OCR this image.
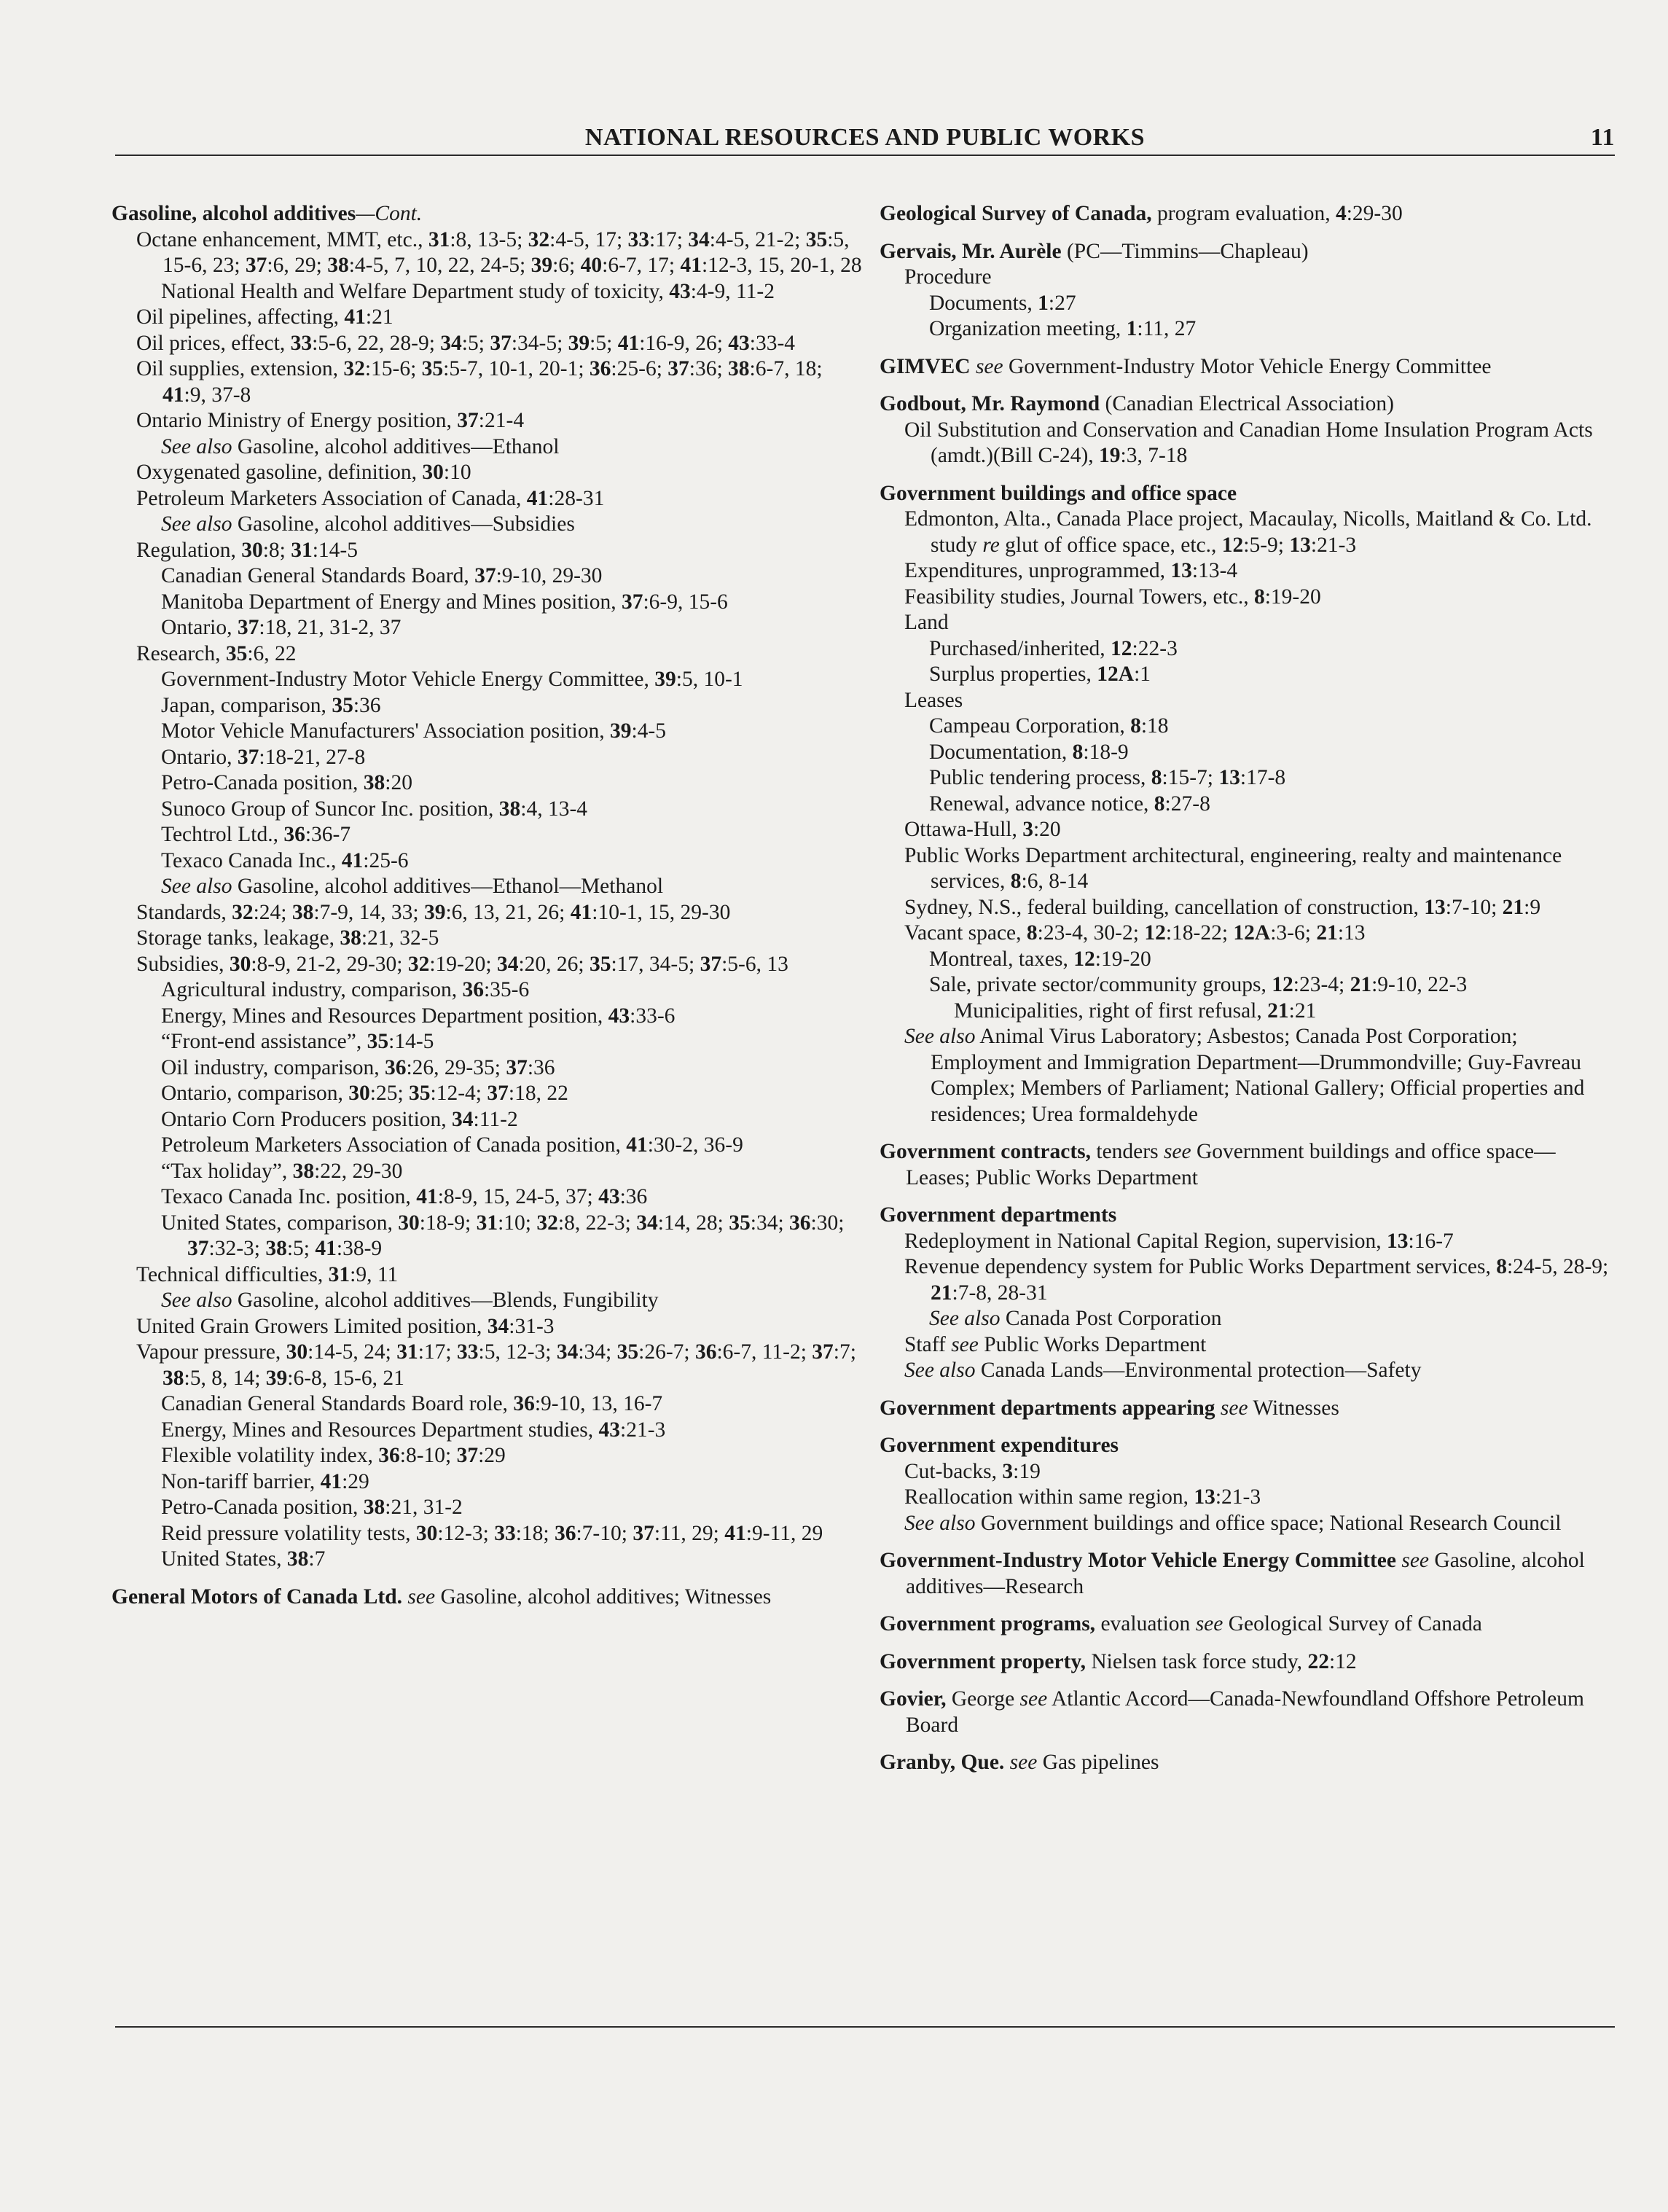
NATIONAL RESOURCES AND PUBLIC WORKS	11
Gasoline, alcohol additives—Cont.
Octane enhancement, MMT, etc., 31:8, 13-5; 32:4-5, 17; 33:17; 34:4-5, 21-2; 35:5, 15-6, 23; 37:6, 29; 38:4-5, 7, 10, 22, 24-5; 39:6; 40:6-7, 17; 41:12-3, 15, 20-1, 28
National Health and Welfare Department study of toxicity, 43:4-9, 11-2
Oil pipelines, affecting, 41:21
Oil prices, effect, 33:5-6, 22, 28-9; 34:5; 37:34-5; 39:5; 41:16-9, 26; 43:33-4
Oil supplies, extension, 32:15-6; 35:5-7, 10-1, 20-1; 36:25-6; 37:36; 38:6-7, 18; 41:9, 37-8
Ontario Ministry of Energy position, 37:21-4
See also Gasoline, alcohol additives—Ethanol
Oxygenated gasoline, definition, 30:10
Petroleum Marketers Association of Canada, 41:28-31
See also Gasoline, alcohol additives—Subsidies
Regulation, 30:8; 31:14-5
Canadian General Standards Board, 37:9-10, 29-30
Manitoba Department of Energy and Mines position, 37:6-9, 15-6
Ontario, 37:18, 21, 31-2, 37
Research, 35:6, 22
Government-Industry Motor Vehicle Energy Committee, 39:5, 10-1
Japan, comparison, 35:36
Motor Vehicle Manufacturers' Association position, 39:4-5
Ontario, 37:18-21, 27-8
Petro-Canada position, 38:20
Sunoco Group of Suncor Inc. position, 38:4, 13-4
Techtrol Ltd., 36:36-7
Texaco Canada Inc., 41:25-6
See also Gasoline, alcohol additives—Ethanol—Methanol
Standards, 32:24; 38:7-9, 14, 33; 39:6, 13, 21, 26; 41:10-1, 15, 29-30
Storage tanks, leakage, 38:21, 32-5
Subsidies, 30:8-9, 21-2, 29-30; 32:19-20; 34:20, 26; 35:17, 34-5; 37:5-6, 13
Agricultural industry, comparison, 36:35-6
Energy, Mines and Resources Department position, 43:33-6
“Front-end assistance”, 35:14-5
Oil industry, comparison, 36:26, 29-35; 37:36
Ontario, comparison, 30:25; 35:12-4; 37:18, 22
Ontario Corn Producers position, 34:11-2
Petroleum Marketers Association of Canada position, 41:30-2, 36-9
“Tax holiday”, 38:22, 29-30
Texaco Canada Inc. position, 41:8-9, 15, 24-5, 37; 43:36
United States, comparison, 30:18-9; 31:10; 32:8, 22-3; 34:14, 28; 35:34; 36:30; 37:32-3; 38:5; 41:38-9
Technical difficulties, 31:9, 11
See also Gasoline, alcohol additives—Blends, Fungibility
United Grain Growers Limited position, 34:31-3
Vapour pressure, 30:14-5, 24; 31:17; 33:5, 12-3; 34:34; 35:26-7; 36:6-7, 11-2; 37:7; 38:5, 8, 14; 39:6-8, 15-6, 21
Canadian General Standards Board role, 36:9-10, 13, 16-7
Energy, Mines and Resources Department studies, 43:21-3
Flexible volatility index, 36:8-10; 37:29
Non-tariff barrier, 41:29
Petro-Canada position, 38:21, 31-2
Reid pressure volatility tests, 30:12-3; 33:18; 36:7-10; 37:11, 29; 41:9-11, 29
United States, 38:7
General Motors of Canada Ltd. see Gasoline, alcohol additives; Witnesses
Geological Survey of Canada, program evaluation, 4:29-30
Gervais, Mr. Aurèle (PC—Timmins—Chapleau)
Procedure
Documents, 1:27
Organization meeting, 1:11, 27
GIMVEC see Government-Industry Motor Vehicle Energy Committee
Godbout, Mr. Raymond (Canadian Electrical Association)
Oil Substitution and Conservation and Canadian Home Insulation Program Acts (amdt.)(Bill C-24), 19:3, 7-18
Government buildings and office space
Edmonton, Alta., Canada Place project, Macaulay, Nicolls, Maitland & Co. Ltd. study re glut of office space, etc., 12:5-9; 13:21-3
Expenditures, unprogrammed, 13:13-4
Feasibility studies, Journal Towers, etc., 8:19-20
Land
Purchased/inherited, 12:22-3
Surplus properties, 12A:1
Leases
Campeau Corporation, 8:18
Documentation, 8:18-9
Public tendering process, 8:15-7; 13:17-8
Renewal, advance notice, 8:27-8
Ottawa-Hull, 3:20
Public Works Department architectural, engineering, realty and maintenance services, 8:6, 8-14
Sydney, N.S., federal building, cancellation of construction, 13:7-10; 21:9
Vacant space, 8:23-4, 30-2; 12:18-22; 12A:3-6; 21:13
Montreal, taxes, 12:19-20
Sale, private sector/community groups, 12:23-4; 21:9-10, 22-3
Municipalities, right of first refusal, 21:21
See also Animal Virus Laboratory; Asbestos; Canada Post Corporation; Employment and Immigration Department—Drummondville; Guy-Favreau Complex; Members of Parliament; National Gallery; Official properties and residences; Urea formaldehyde
Government contracts, tenders see Government buildings and office space—Leases; Public Works Department
Government departments
Redeployment in National Capital Region, supervision, 13:16-7
Revenue dependency system for Public Works Department services, 8:24-5, 28-9; 21:7-8, 28-31
See also Canada Post Corporation
Staff see Public Works Department
See also Canada Lands—Environmental protection—Safety
Government departments appearing see Witnesses
Government expenditures
Cut-backs, 3:19
Reallocation within same region, 13:21-3
See also Government buildings and office space; National Research Council
Government-Industry Motor Vehicle Energy Committee see Gasoline, alcohol additives—Research
Government programs, evaluation see Geological Survey of Canada
Government property, Nielsen task force study, 22:12
Govier, George see Atlantic Accord—Canada-Newfoundland Offshore Petroleum Board
Granby, Que. see Gas pipelines
